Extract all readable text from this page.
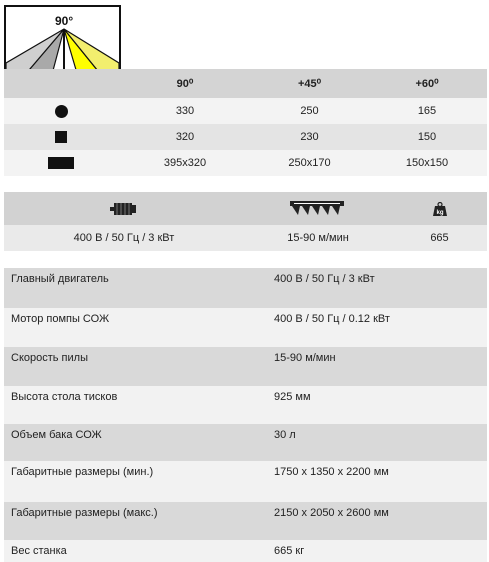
90°
90⁰	+45⁰	+60⁰
330	250	165
320	230	150
395x320	250x170	150x150
kg
400 В / 50 Гц / 3 кВт	15-90 м/мин	665
Главный двигатель	400 В / 50 Гц / 3 кВт
Мотор помпы СОЖ	400 В / 50 Гц / 0.12 кВт
Скорость пилы	15-90 м/мин
Высота стола тисков	925 мм
Объем бака СОЖ	30 л
Габаритные размеры (мин.)	1750 x 1350 x 2200 мм
Габаритные размеры (макс.)	2150 x 2050 x 2600 мм
Вес станка	665 кг
